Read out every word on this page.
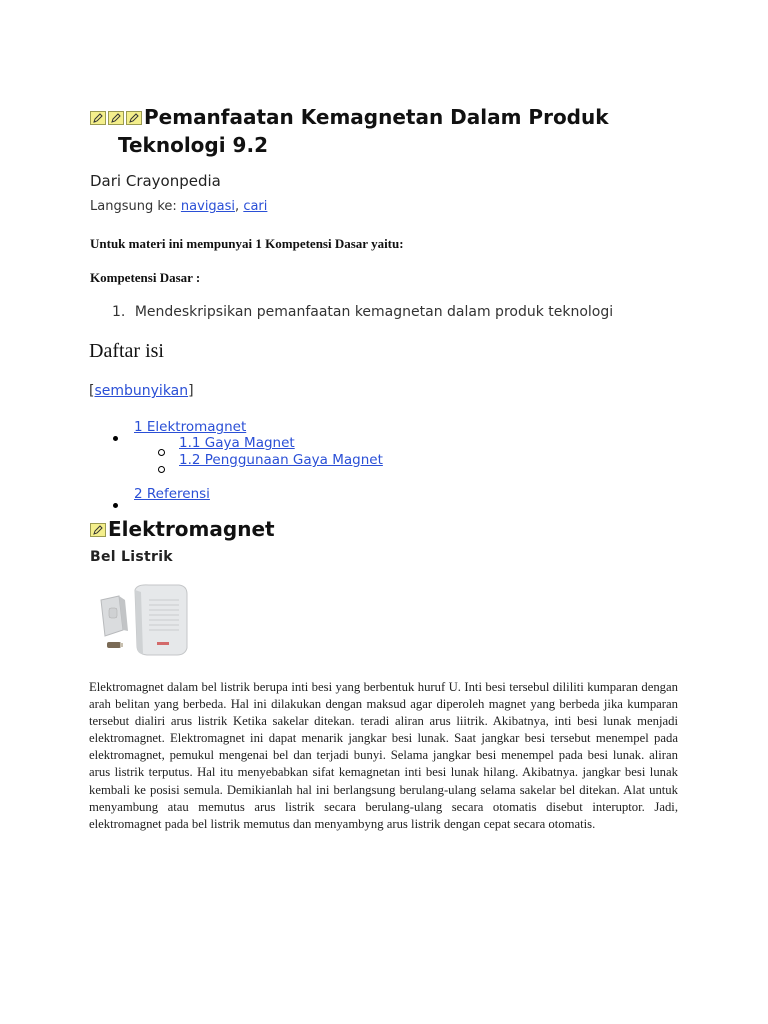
Pemanfaatan Kemagnetan Dalam Produk
Teknologi 9.2
Dari Crayonpedia
Langsung ke: navigasi, cari
Untuk materi ini mempunyai 1 Kompetensi Dasar yaitu:
Kompetensi Dasar :
1. Mendeskripsikan pemanfaatan kemagnetan dalam produk teknologi
Daftar isi
[sembunyikan]
1 Elektromagnet
1.1 Gaya Magnet
1.2 Penggunaan Gaya Magnet
2 Referensi
Elektromagnet
Bel Listrik
Elektromagnet dalam bel listrik berupa inti besi yang berbentuk huruf U. Inti besi tersebul dililiti kumparan dengan arah belitan yang berbeda. Hal ini dilakukan dengan maksud agar diperoleh magnet yang berbeda jika kumparan tersebut dialiri arus listrik Ketika sakelar ditekan. teradi aliran arus liitrik. Akibatnya, inti besi lunak menjadi elektromagnet. Elektromagnet ini dapat menarik jangkar besi lunak. Saat jangkar besi tersebut menempel pada elektromagnet, pemukul mengenai bel dan terjadi bunyi. Selama jangkar besi menempel pada besi lunak. aliran arus listrik terputus. Hal itu menyebabkan sifat kemagnetan inti besi lunak hilang. Akibatnya. jangkar besi lunak kembali ke posisi semula. Demikianlah hal ini berlangsung berulang-ulang selama sakelar bel ditekan. Alat untuk menyambung atau memutus arus listrik secara berulang-ulang secara otomatis disebut interuptor. Jadi, elektromagnet pada bel listrik memutus dan menyambyng arus listrik dengan cepat secara otomatis.
